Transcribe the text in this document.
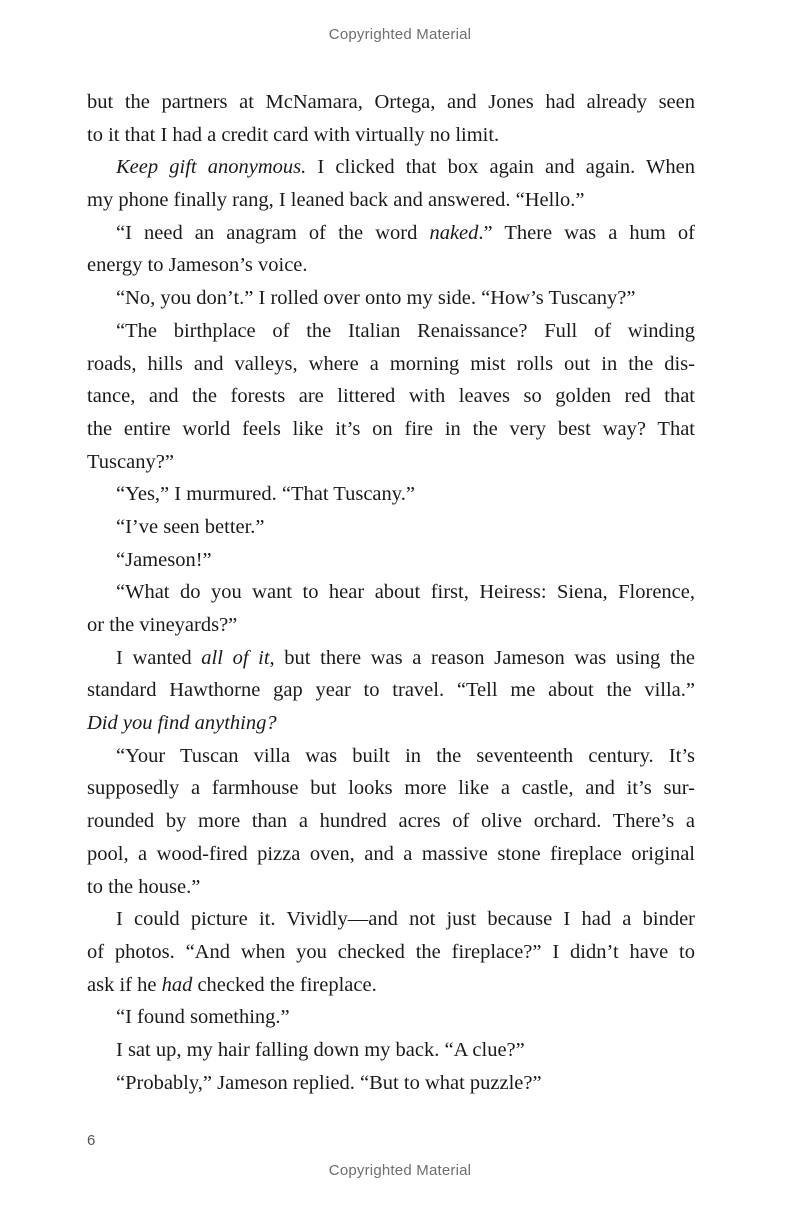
Copyrighted Material
but the partners at McNamara, Ortega, and Jones had already seen
to it that I had a credit card with virtually no limit.
Keep gift anonymous. I clicked that box again and again. When
my phone finally rang, I leaned back and answered. “Hello.”
“I need an anagram of the word naked.” There was a hum of
energy to Jameson’s voice.
“No, you don’t.” I rolled over onto my side. “How’s Tuscany?”
“The birthplace of the Italian Renaissance? Full of winding
roads, hills and valleys, where a morning mist rolls out in the dis-
tance, and the forests are littered with leaves so golden red that
the entire world feels like it’s on fire in the very best way? That
Tuscany?”
“Yes,” I murmured. “That Tuscany.”
“I’ve seen better.”
“Jameson!”
“What do you want to hear about first, Heiress: Siena, Florence,
or the vineyards?”
I wanted all of it, but there was a reason Jameson was using the
standard Hawthorne gap year to travel. “Tell me about the villa.”
Did you find anything?
“Your Tuscan villa was built in the seventeenth century. It’s
supposedly a farmhouse but looks more like a castle, and it’s sur-
rounded by more than a hundred acres of olive orchard. There’s a
pool, a wood-fired pizza oven, and a massive stone fireplace original
to the house.”
I could picture it. Vividly—and not just because I had a binder
of photos. “And when you checked the fireplace?” I didn’t have to
ask if he had checked the fireplace.
“I found something.”
I sat up, my hair falling down my back. “A clue?”
“Probably,” Jameson replied. “But to what puzzle?”
6
Copyrighted Material
